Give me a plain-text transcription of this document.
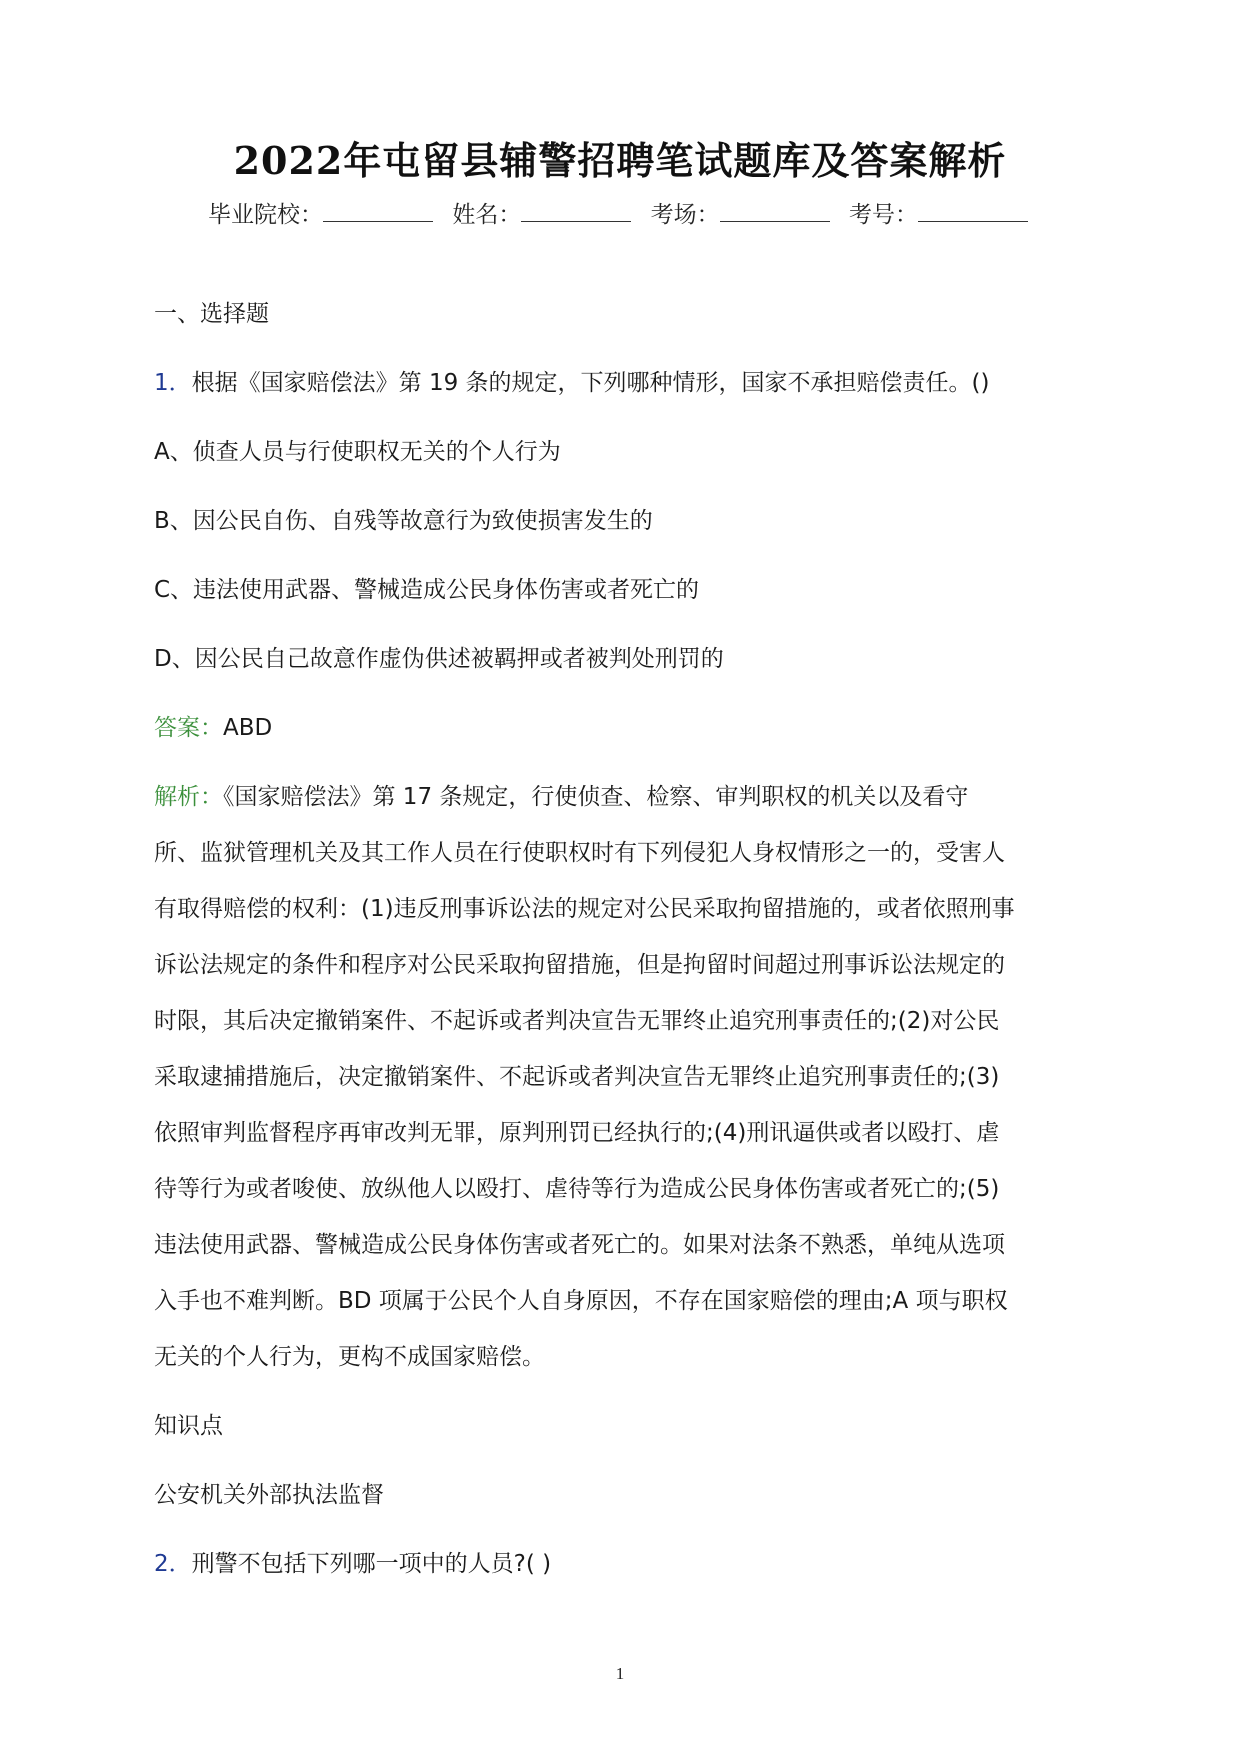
2022年屯留县辅警招聘笔试题库及答案解析
毕业院校：	姓名：	考场：	考号：
一、选择题
1．根据《国家赔偿法》第 19 条的规定，下列哪种情形，国家不承担赔偿责任。()
A、侦查人员与行使职权无关的个人行为
B、因公民自伤、自残等故意行为致使损害发生的
C、违法使用武器、警械造成公民身体伤害或者死亡的
D、因公民自己故意作虚伪供述被羁押或者被判处刑罚的
答案：ABD
解析：《国家赔偿法》第 17 条规定，行使侦查、检察、审判职权的机关以及看守
所、监狱管理机关及其工作人员在行使职权时有下列侵犯人身权情形之一的，受害人
有取得赔偿的权利：(1)违反刑事诉讼法的规定对公民采取拘留措施的，或者依照刑事
诉讼法规定的条件和程序对公民采取拘留措施，但是拘留时间超过刑事诉讼法规定的
时限，其后决定撤销案件、不起诉或者判决宣告无罪终止追究刑事责任的;(2)对公民
采取逮捕措施后，决定撤销案件、不起诉或者判决宣告无罪终止追究刑事责任的;(3)
依照审判监督程序再审改判无罪，原判刑罚已经执行的;(4)刑讯逼供或者以殴打、虐
待等行为或者唆使、放纵他人以殴打、虐待等行为造成公民身体伤害或者死亡的;(5)
违法使用武器、警械造成公民身体伤害或者死亡的。如果对法条不熟悉，单纯从选项
入手也不难判断。BD 项属于公民个人自身原因，不存在国家赔偿的理由;A 项与职权
无关的个人行为，更构不成国家赔偿。
知识点
公安机关外部执法监督
2．刑警不包括下列哪一项中的人员?( )
1
